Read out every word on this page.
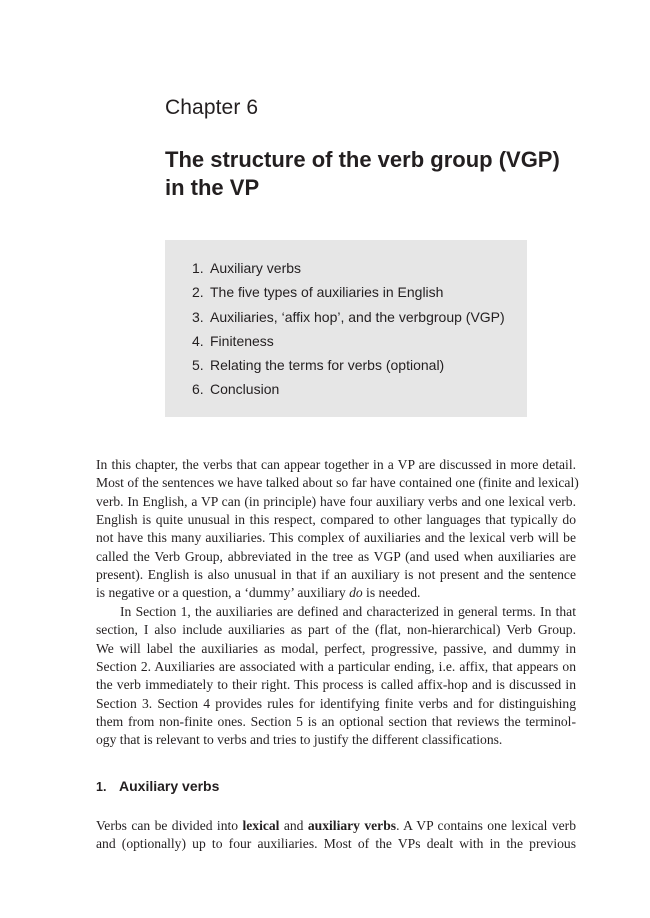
Chapter 6
The structure of the verb group (VGP)
in the VP
1. Auxiliary verbs
2. The five types of auxiliaries in English
3. Auxiliaries, ‘affix hop’, and the verbgroup (VGP)
4. Finiteness
5. Relating the terms for verbs (optional)
6. Conclusion
In this chapter, the verbs that can appear together in a VP are discussed in more detail.
Most of the sentences we have talked about so far have contained one (finite and lexical)
verb. In English, a VP can (in principle) have four auxiliary verbs and one lexical verb.
English is quite unusual in this respect, compared to other languages that typically do
not have this many auxiliaries. This complex of auxiliaries and the lexical verb will be
called the Verb Group, abbreviated in the tree as VGP (and used when auxiliaries are
present). English is also unusual in that if an auxiliary is not present and the sentence
is negative or a question, a ‘dummy’ auxiliary do is needed.
In Section 1, the auxiliaries are defined and characterized in general terms. In that
section, I also include auxiliaries as part of the (flat, non-hierarchical) Verb Group.
We will label the auxiliaries as modal, perfect, progressive, passive, and dummy in
Section 2. Auxiliaries are associated with a particular ending, i.e. affix, that appears on
the verb immediately to their right. This process is called affix-hop and is discussed in
Section 3. Section 4 provides rules for identifying finite verbs and for distinguishing
them from non-finite ones. Section 5 is an optional section that reviews the terminol-
ogy that is relevant to verbs and tries to justify the different classifications.
1. Auxiliary verbs
Verbs can be divided into lexical and auxiliary verbs. A VP contains one lexical verb
and (optionally) up to four auxiliaries. Most of the VPs dealt with in the previous
